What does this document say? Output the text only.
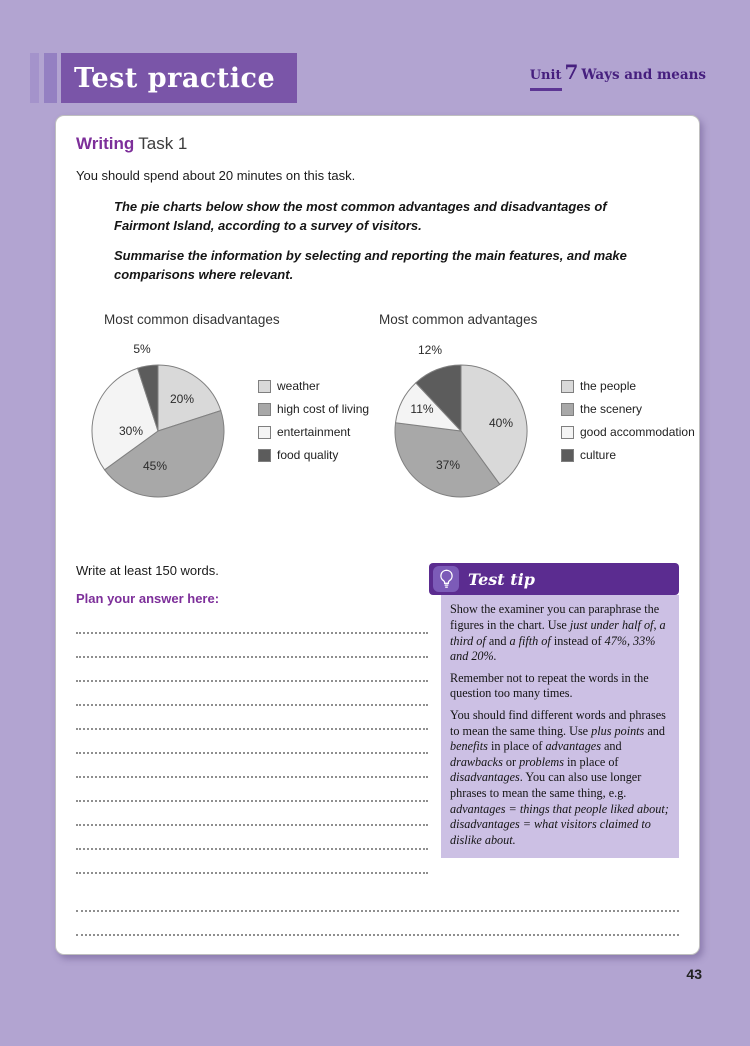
Test practice	Unit 7 Ways and means
Writing Task 1

You should spend about 20 minutes on this task.

The pie charts below show the most common advantages and disadvantages of Fairmont Island, according to a survey of visitors.

Summarise the information by selecting and reporting the main features, and make comparisons where relevant.

Most common disadvantages

20%
45%
30%
5%
weather
high cost of living
entertainment
food quality

Most common advantages

40%
37%
11%
12%
the people
the scenery
good accommodation
culture

Write at least 150 words.

Plan your answer here:

Test tip

Show the examiner you can paraphrase the figures in the chart. Use just under half of, a third of and a fifth of instead of 47%, 33% and 20%.

Remember not to repeat the words in the question too many times.

You should find different words and phrases to mean the same thing. Use plus points and benefits in place of advantages and drawbacks or problems in place of disadvantages. You can also use longer phrases to mean the same thing, e.g. advantages = things that people liked about; disadvantages = what visitors claimed to dislike about.

43
